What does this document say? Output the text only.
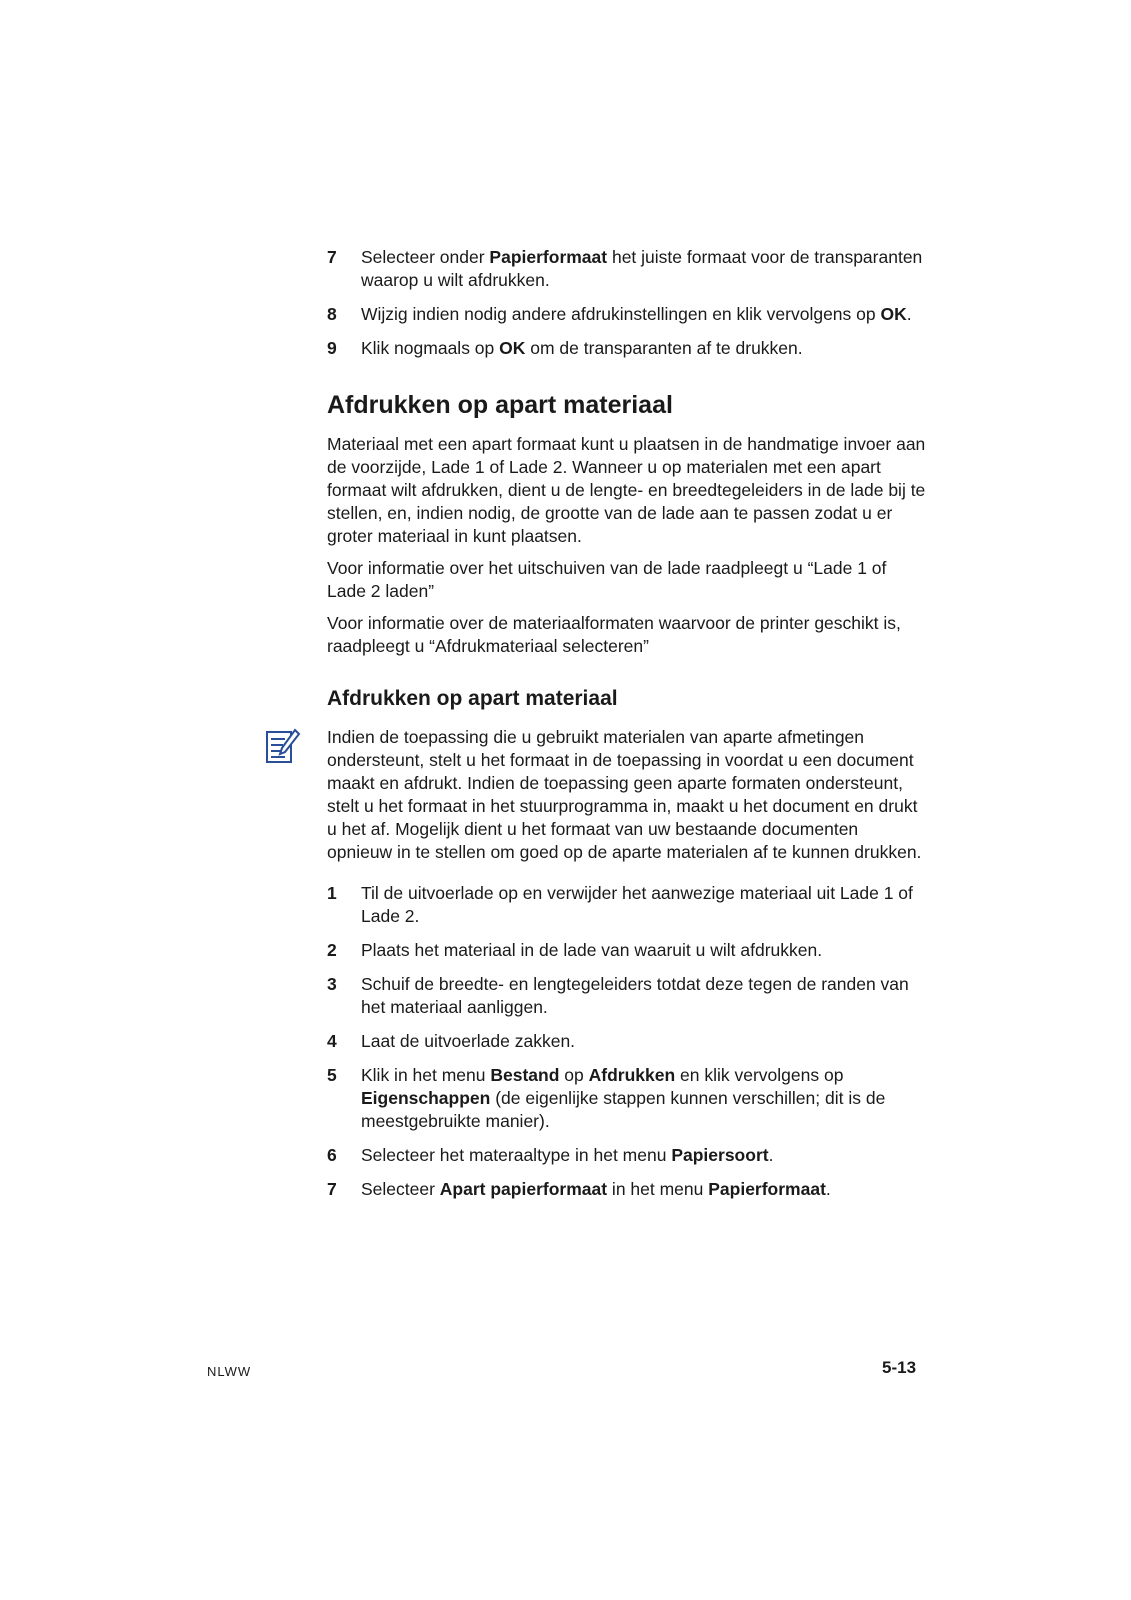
7	Selecteer onder Papierformaat het juiste formaat voor de transparanten waarop u wilt afdrukken.
8	Wijzig indien nodig andere afdrukinstellingen en klik vervolgens op OK.
9	Klik nogmaals op OK om de transparanten af te drukken.
Afdrukken op apart materiaal

Materiaal met een apart formaat kunt u plaatsen in de handmatige invoer aan de voorzijde, Lade 1 of Lade 2. Wanneer u op materialen met een apart formaat wilt afdrukken, dient u de lengte- en breedtegeleiders in de lade bij te stellen, en, indien nodig, de grootte van de lade aan te passen zodat u er groter materiaal in kunt plaatsen.

Voor informatie over het uitschuiven van de lade raadpleegt u “Lade 1 of Lade 2 laden”

Voor informatie over de materiaalformaten waarvoor de printer geschikt is, raadpleegt u “Afdrukmateriaal selecteren”

Afdrukken op apart materiaal

Indien de toepassing die u gebruikt materialen van aparte afmetingen ondersteunt, stelt u het formaat in de toepassing in voordat u een document maakt en afdrukt. Indien de toepassing geen aparte formaten ondersteunt, stelt u het formaat in het stuurprogramma in, maakt u het document en drukt u het af. Mogelijk dient u het formaat van uw bestaande documenten opnieuw in te stellen om goed op de aparte materialen af te kunnen drukken.

1	Til de uitvoerlade op en verwijder het aanwezige materiaal uit Lade 1 of Lade 2.
2	Plaats het materiaal in de lade van waaruit u wilt afdrukken.
3	Schuif de breedte- en lengtegeleiders totdat deze tegen de randen van het materiaal aanliggen.
4	Laat de uitvoerlade zakken.
5	Klik in het menu Bestand op Afdrukken en klik vervolgens op Eigenschappen (de eigenlijke stappen kunnen verschillen; dit is de meestgebruikte manier).
6	Selecteer het materaaltype in het menu Papiersoort.
7	Selecteer Apart papierformaat in het menu Papierformaat.
NLWW	5-13
